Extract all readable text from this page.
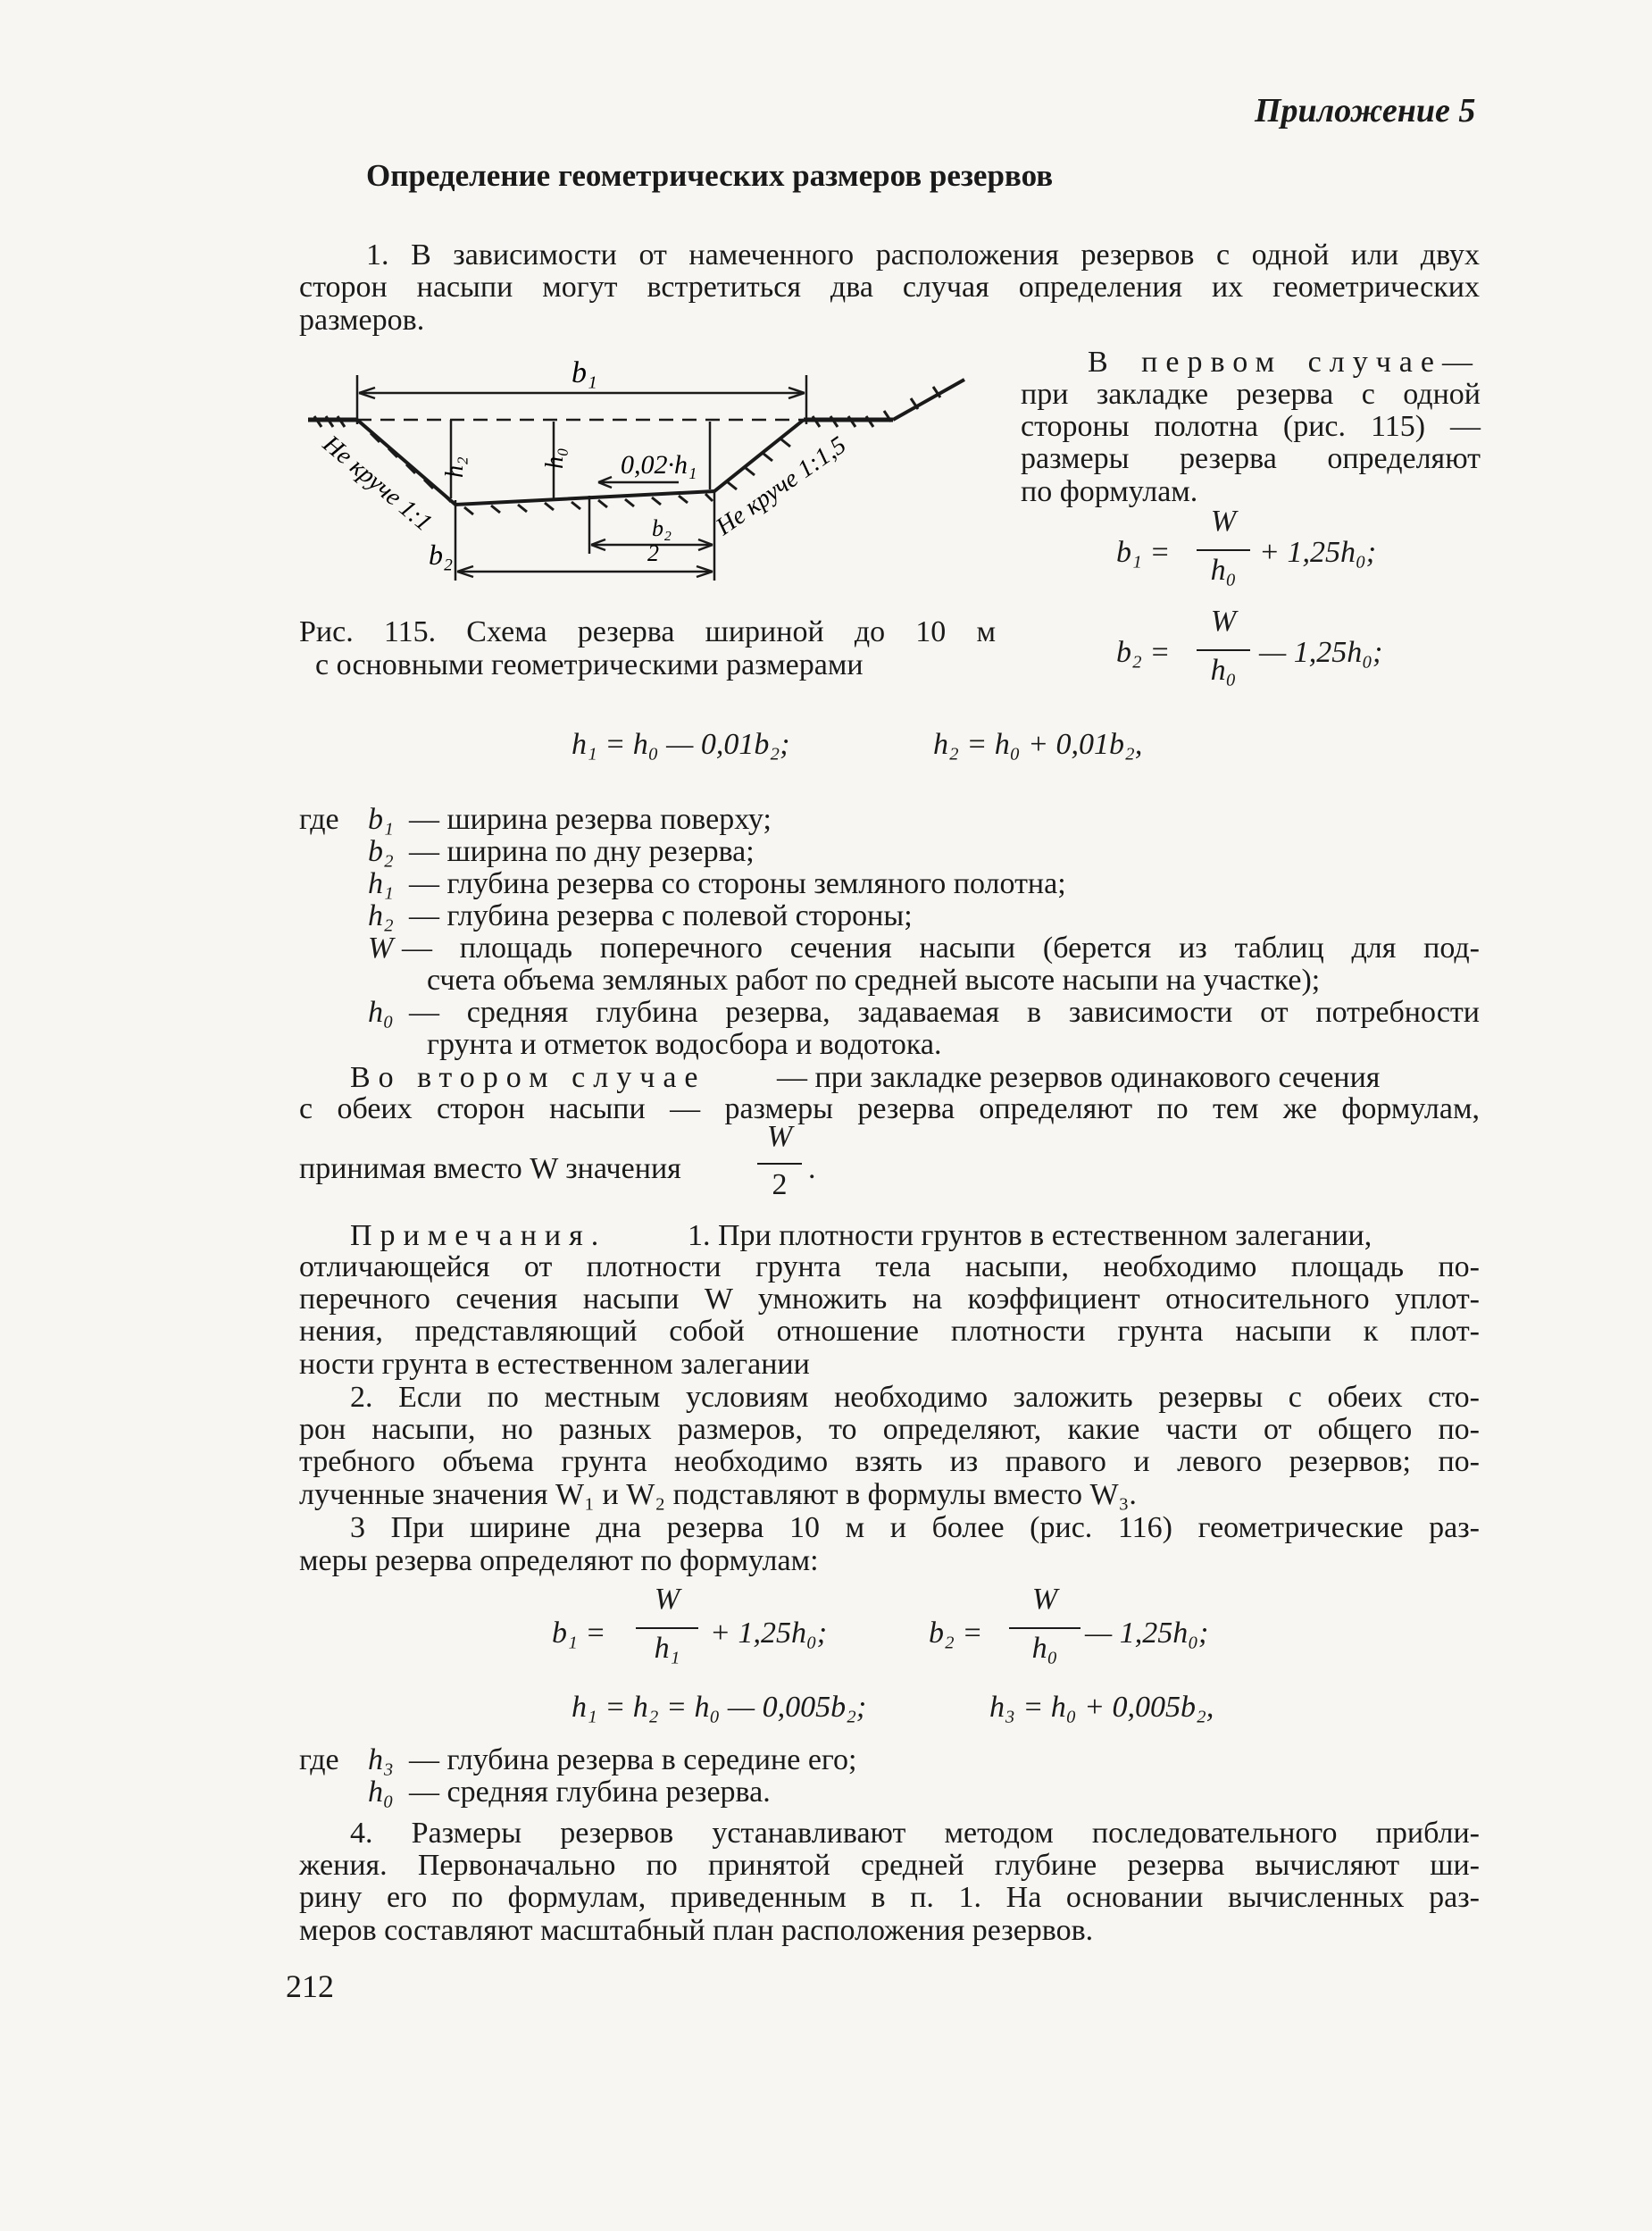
Приложение 5
Определение геометрических размеров резервов
1. В зависимости от намеченного расположения резервов с одной или двух
сторон насыпи могут встретиться два случая определения их геометрических
размеров.
В первом случае—
при закладке резерва с одной
стороны полотна (рис. 115) —
размеры резерва определяют
по формулам.
b₁
b₂
b₂
2
h₀
h₂	0,02·h₁
Не круче 1:1	Не круче 1:1,5
Рис. 115. Схема резерва шириной до 10 м
с основными геометрическими размерами
b₁ =
W
h₀
+ 1,25h₀;
b₂ =
W
h₀
— 1,25h₀;
h₁ = h₀ — 0,01b₂;	h₂ = h₀ + 0,01b₂,
где b₁ — ширина резерва поверху;
b₂ — ширина по дну резерва;
h₁ — глубина резерва со стороны земляного полотна;
h₂ — глубина резерва с полевой стороны;
W — площадь поперечного сечения насыпи (берется из таблиц для под-
счета объема земляных работ по средней высоте насыпи на участке);
h₀ — средняя глубина резерва, задаваемая в зависимости от потребности
грунта и отметок водосбора и водотока.
Во втором случае — при закладке резервов одинакового сечения
с обеих сторон насыпи — размеры резерва определяют по тем же формулам,
принимая вместо W значения
W
2 .
Примечания.	1. При плотности грунтов в естественном залегании,
отличающейся от плотности грунта тела насыпи, необходимо площадь по-
перечного сечения насыпи W умножить на коэффициент относительного уплот-
нения, представляющий собой отношение плотности грунта насыпи к плот-
ности грунта в естественном залегании
2. Если по местным условиям необходимо заложить резервы с обеих сто-
рон насыпи, но разных размеров, то определяют, какие части от общего по-
требного объема грунта необходимо взять из правого и левого резервов; по-
лученные значения W₁ и W₂ подставляют в формулы вместо W₃.
3 При ширине дна резерва 10 м и более (рис. 116) геометрические раз-
меры резерва определяют по формулам:
b₁ =
W
h₁ + 1,25h₀;	b₂ =
W
h₀ — 1,25h₀;
h₁ = h₂ = h₀ — 0,005b₂;	h₃ = h₀ + 0,005b₂,
где h₃ — глубина резерва в середине его;
h₀ — средняя глубина резерва.
4. Размеры резервов устанавливают методом последовательного прибли-
жения. Первоначально по принятой средней глубине резерва вычисляют ши-
рину его по формулам, приведенным в п. 1. На основании вычисленных раз-
меров составляют масштабный план расположения резервов.
212
